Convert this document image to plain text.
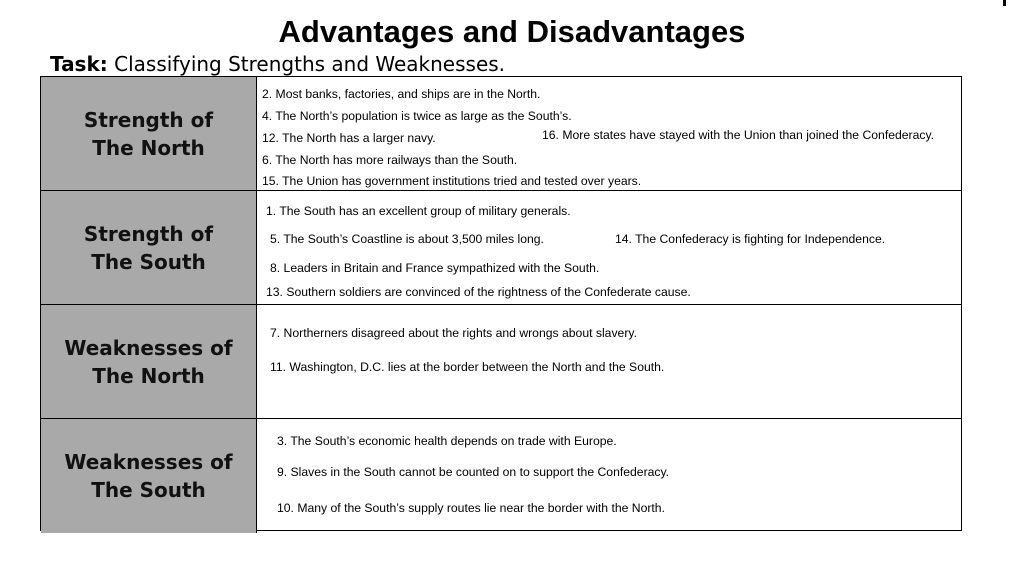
Advantages and Disadvantages
Task: Classifying Strengths and Weaknesses.
Strength of
The North
2. Most banks, factories, and ships are in the North.
4. The North’s population is twice as large as the South’s.
12. The North has a larger navy.	16. More states have stayed with the Union than joined the Confederacy.
6. The North has more railways than the South.
15. The Union has government institutions tried and tested over years.
Strength of
The South
1. The South has an excellent group of military generals.
5. The South’s Coastline is about 3,500 miles long.	14. The Confederacy is fighting for Independence.
8. Leaders in Britain and France sympathized with the South.
13. Southern soldiers are convinced of the rightness of the Confederate cause.
Weaknesses of
The North
7. Northerners disagreed about the rights and wrongs about slavery.
11. Washington, D.C. lies at the border between the North and the South.
Weaknesses of
The South
3. The South’s economic health depends on trade with Europe.
9. Slaves in the South cannot be counted on to support the Confederacy.
10. Many of the South’s supply routes lie near the border with the North.
